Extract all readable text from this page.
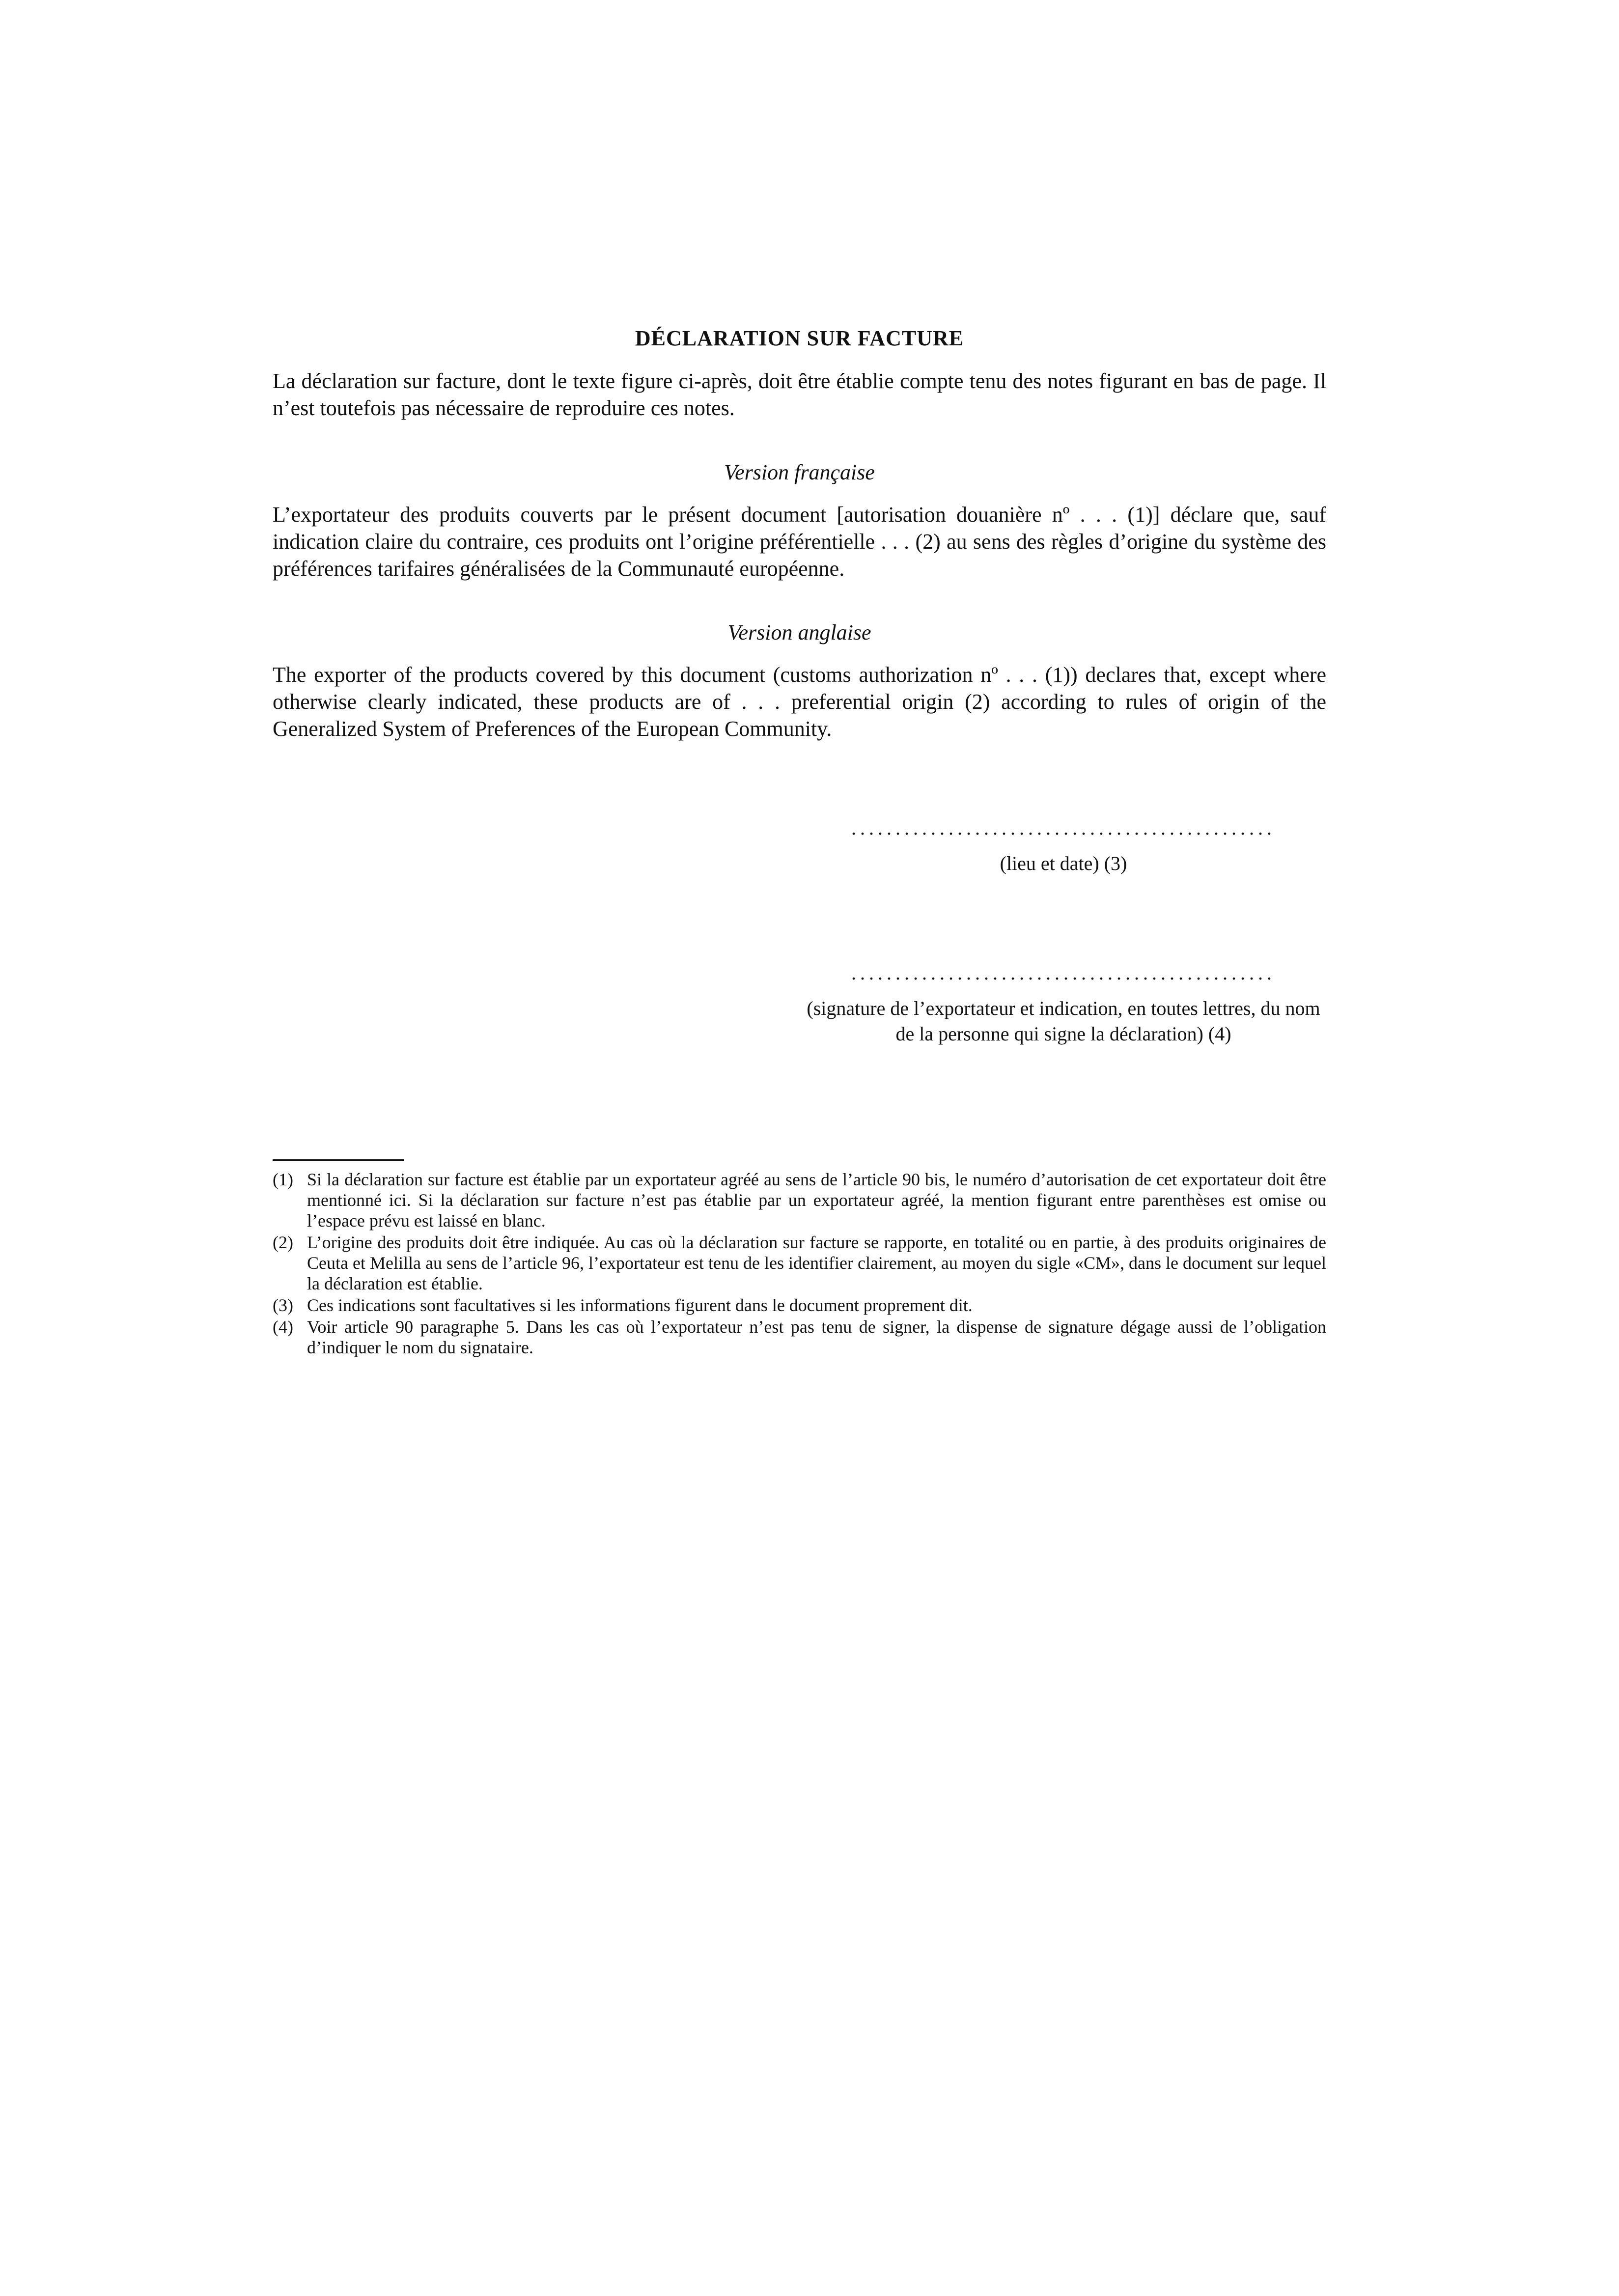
DÉCLARATION SUR FACTURE
La déclaration sur facture, dont le texte figure ci-après, doit être établie compte tenu des notes figurant en bas de page. Il n’est toutefois pas nécessaire de reproduire ces notes.
Version française
L’exportateur des produits couverts par le présent document [autorisation douanière nº . . . (1)] déclare que, sauf indication claire du contraire, ces produits ont l’origine préférentielle . . . (2) au sens des règles d’origine du système des préférences tarifaires généralisées de la Communauté européenne.
Version anglaise
The exporter of the products covered by this document (customs authorization nº . . . (1)) declares that, except where otherwise clearly indicated, these products are of . . . preferential origin (2) according to rules of origin of the Generalized System of Preferences of the European Community.
................................................
(lieu et date) (3)
................................................
(signature de l’exportateur et indication, en toutes lettres, du nom de la personne qui signe la déclaration) (4)
(1) Si la déclaration sur facture est établie par un exportateur agréé au sens de l’article 90 bis, le numéro d’autorisation de cet exportateur doit être mentionné ici. Si la déclaration sur facture n’est pas établie par un exportateur agréé, la mention figurant entre parenthèses est omise ou l’espace prévu est laissé en blanc.
(2) L’origine des produits doit être indiquée. Au cas où la déclaration sur facture se rapporte, en totalité ou en partie, à des produits originaires de Ceuta et Melilla au sens de l’article 96, l’exportateur est tenu de les identifier clairement, au moyen du sigle «CM», dans le document sur lequel la déclaration est établie.
(3) Ces indications sont facultatives si les informations figurent dans le document proprement dit.
(4) Voir article 90 paragraphe 5. Dans les cas où l’exportateur n’est pas tenu de signer, la dispense de signature dégage aussi de l’obligation d’indiquer le nom du signataire.
